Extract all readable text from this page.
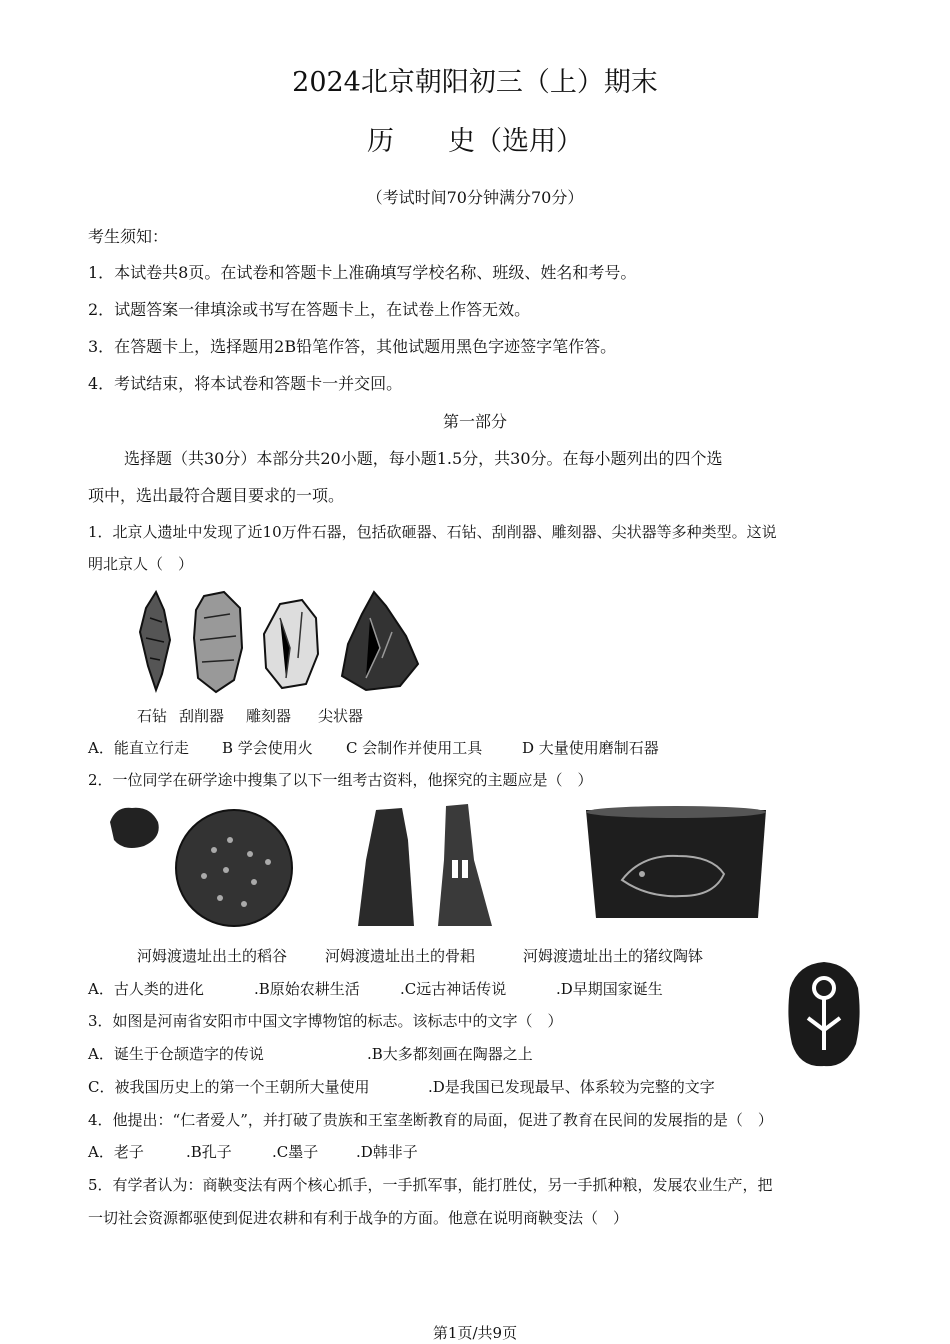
2024北京朝阳初三（上）期末
历　　史（选用）
（考试时间70分钟满分70分）
考生须知：
1．本试卷共8页。在试卷和答题卡上准确填写学校名称、班级、姓名和考号。
2．试题答案一律填涂或书写在答题卡上，在试卷上作答无效。
3．在答题卡上，选择题用2B铅笔作答，其他试题用黑色字迹签字笔作答。
4．考试结束，将本试卷和答题卡一并交回。
第一部分
选择题（共30分）本部分共20小题，每小题1.5分，共30分。在每小题列出的四个选
项中，选出最符合题目要求的一项。
1．北京人遗址中发现了近10万件石器，包括砍砸器、石钻、刮削器、雕刻器、尖状器等多种类型。这说
明北京人（　）
石钻 刮削器 雕刻器 尖状器
A．能直立行走 B 学会使用火 C 会制作并使用工具	D 大量使用磨制石器
2．一位同学在研学途中搜集了以下一组考古资料，他探究的主题应是（　）
河姆渡遗址出土的稻谷	河姆渡遗址出土的骨耜	河姆渡遗址出土的猪纹陶钵
A．古人类的进化	.B原始农耕生活	.C远古神话传说	.D早期国家诞生
3．如图是河南省安阳市中国文字博物馆的标志。该标志中的文字（　）
A．诞生于仓颉造字的传说	.B大多都刻画在陶器之上
C．被我国历史上的第一个王朝所大量使用	.D是我国已发现最早、体系较为完整的文字
4．他提出：“仁者爱人”，并打破了贵族和王室垄断教育的局面，促进了教育在民间的发展指的是（　）
A．老子	.B孔子	.C墨子	.D韩非子
5．有学者认为：商鞅变法有两个核心抓手，一手抓军事，能打胜仗，另一手抓种粮，发展农业生产，把
一切社会资源都驱使到促进农耕和有利于战争的方面。他意在说明商鞅变法（　）
第1页/共9页
